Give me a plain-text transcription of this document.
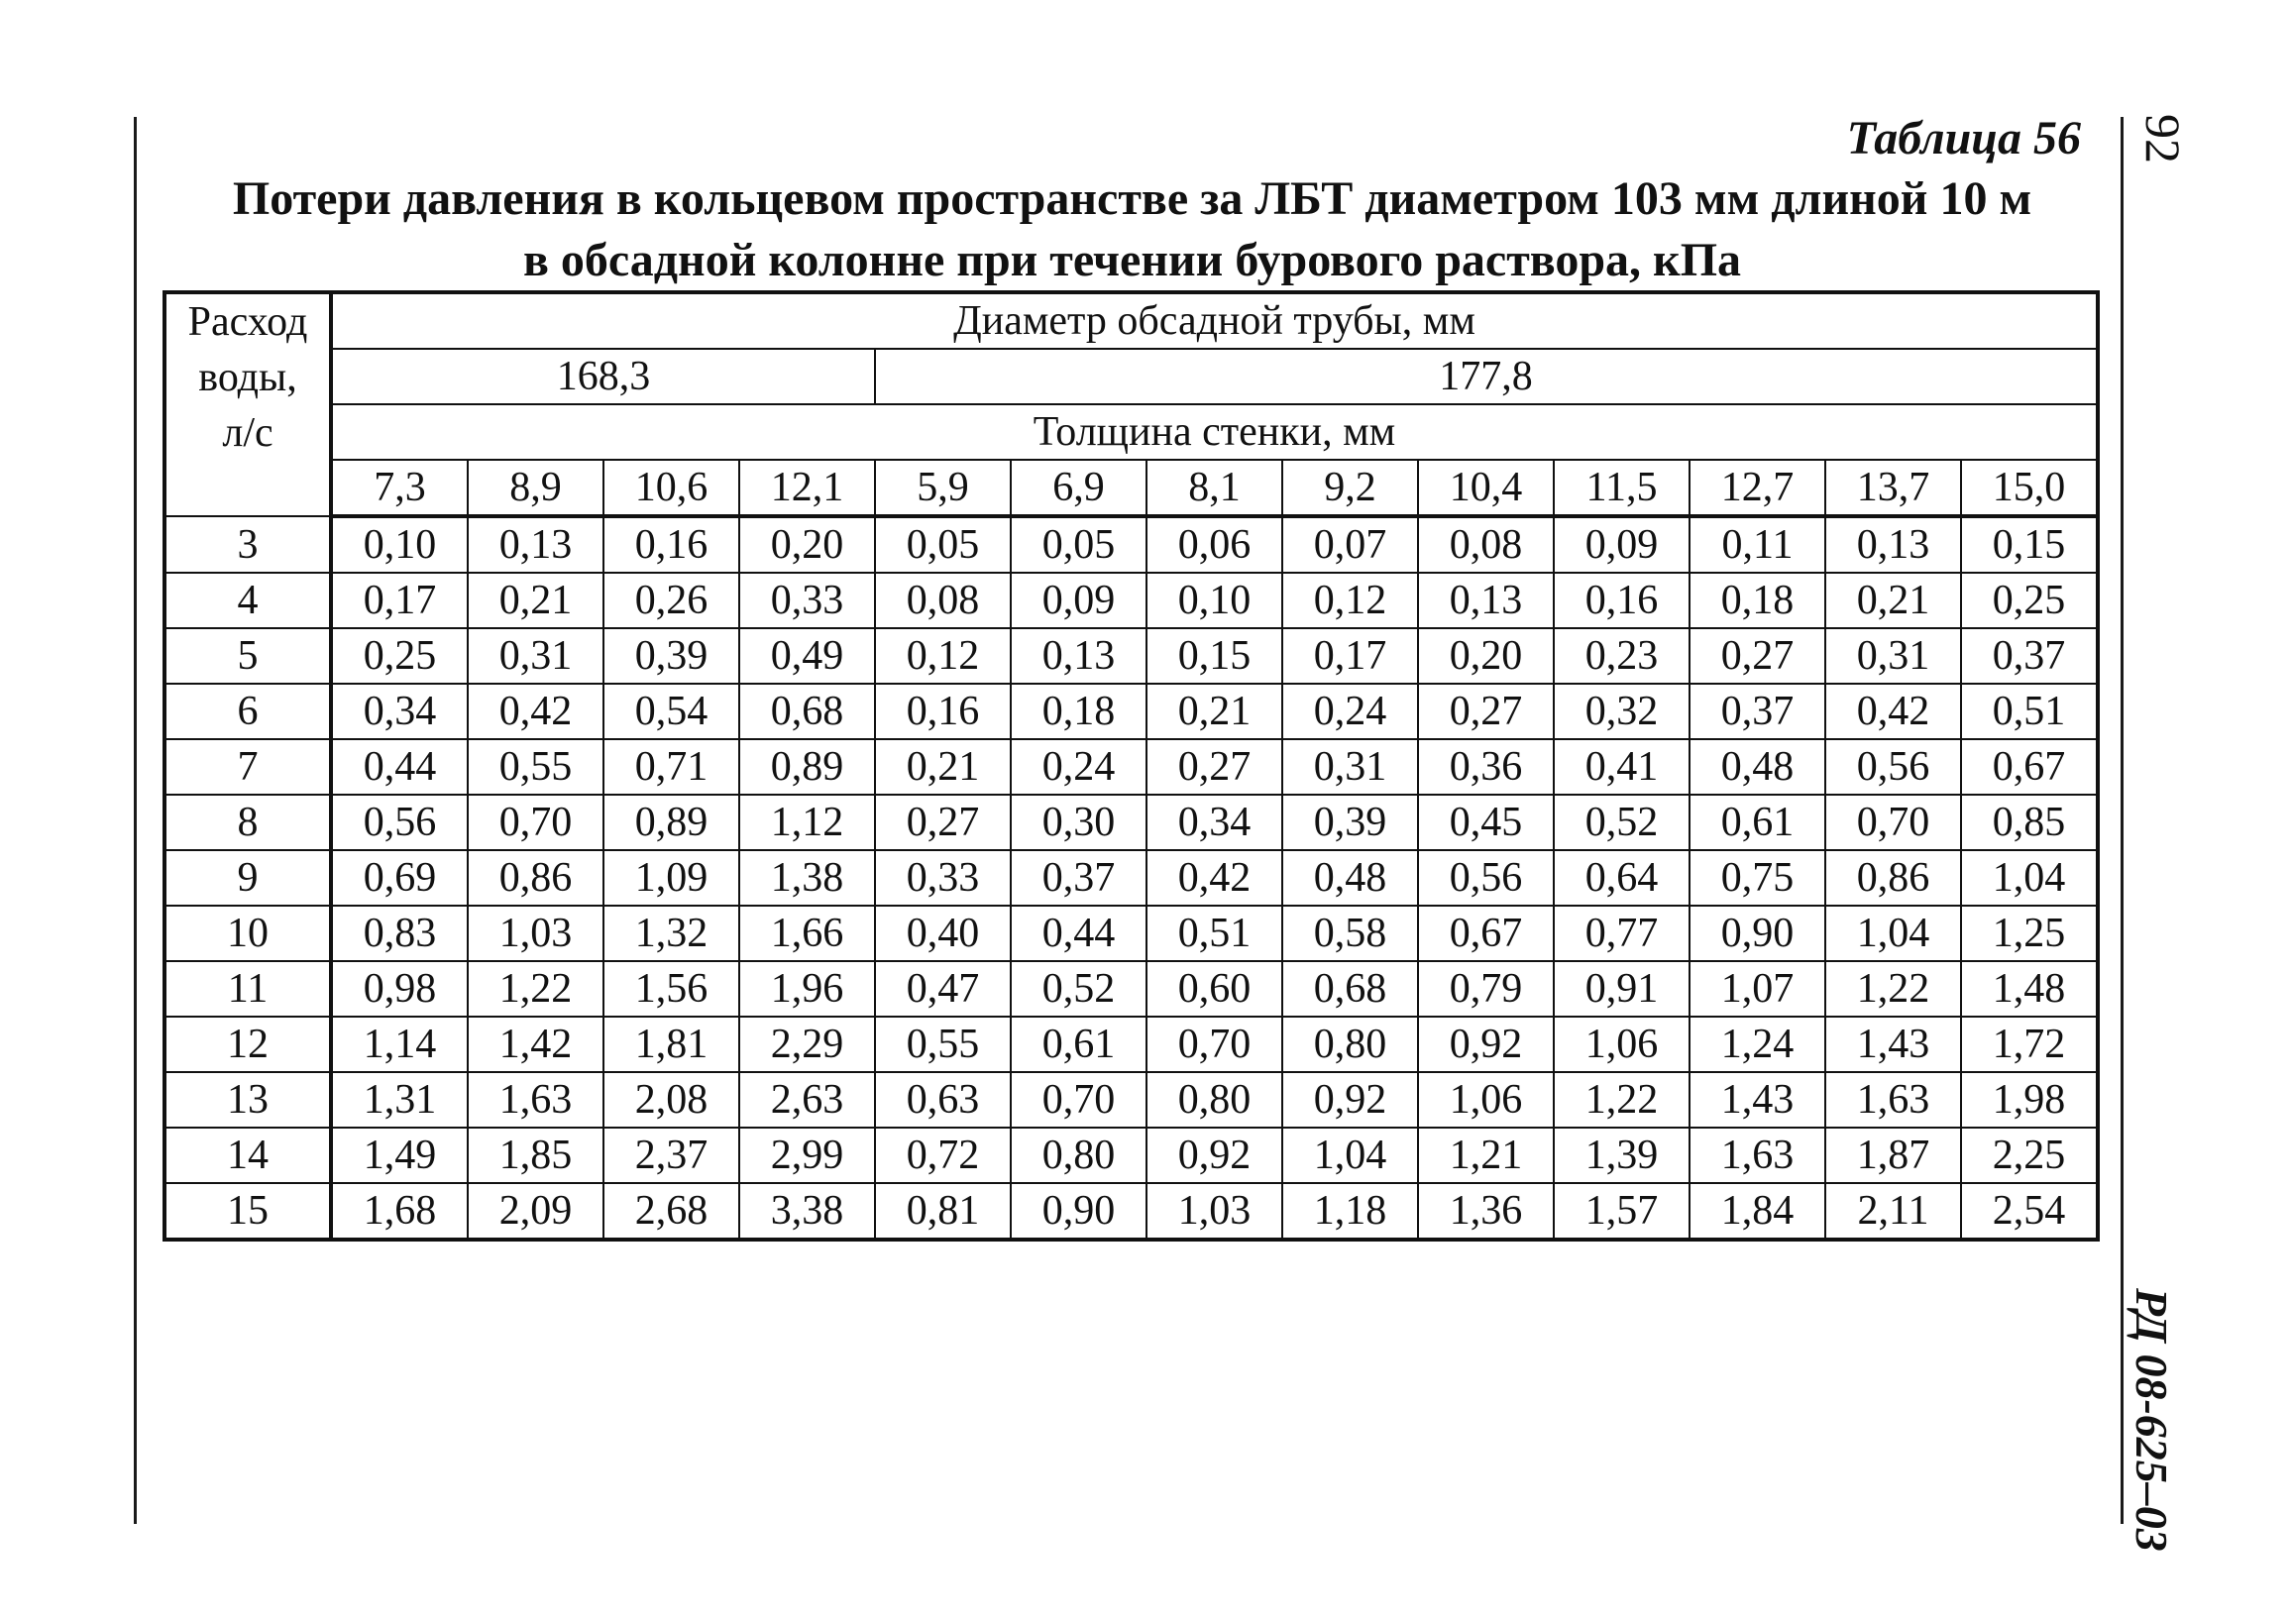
92
РД 08-625–03
Таблица 56
Потери давления в кольцевом пространстве за ЛБТ диаметром 103 мм длиной 10 м
в обсадной колонне при течении бурового раствора, кПа
Расход
воды,
л/с	Диаметр обсадной трубы, мм												
	168,3				177,8								
	Толщина стенки, мм												
	7,3	8,9	10,6	12,1	5,9	6,9	8,1	9,2	10,4	11,5	12,7	13,7	15,0
3	0,10	0,13	0,16	0,20	0,05	0,05	0,06	0,07	0,08	0,09	0,11	0,13	0,15
4	0,17	0,21	0,26	0,33	0,08	0,09	0,10	0,12	0,13	0,16	0,18	0,21	0,25
5	0,25	0,31	0,39	0,49	0,12	0,13	0,15	0,17	0,20	0,23	0,27	0,31	0,37
6	0,34	0,42	0,54	0,68	0,16	0,18	0,21	0,24	0,27	0,32	0,37	0,42	0,51
7	0,44	0,55	0,71	0,89	0,21	0,24	0,27	0,31	0,36	0,41	0,48	0,56	0,67
8	0,56	0,70	0,89	1,12	0,27	0,30	0,34	0,39	0,45	0,52	0,61	0,70	0,85
9	0,69	0,86	1,09	1,38	0,33	0,37	0,42	0,48	0,56	0,64	0,75	0,86	1,04
10	0,83	1,03	1,32	1,66	0,40	0,44	0,51	0,58	0,67	0,77	0,90	1,04	1,25
11	0,98	1,22	1,56	1,96	0,47	0,52	0,60	0,68	0,79	0,91	1,07	1,22	1,48
12	1,14	1,42	1,81	2,29	0,55	0,61	0,70	0,80	0,92	1,06	1,24	1,43	1,72
13	1,31	1,63	2,08	2,63	0,63	0,70	0,80	0,92	1,06	1,22	1,43	1,63	1,98
14	1,49	1,85	2,37	2,99	0,72	0,80	0,92	1,04	1,21	1,39	1,63	1,87	2,25
15	1,68	2,09	2,68	3,38	0,81	0,90	1,03	1,18	1,36	1,57	1,84	2,11	2,54
